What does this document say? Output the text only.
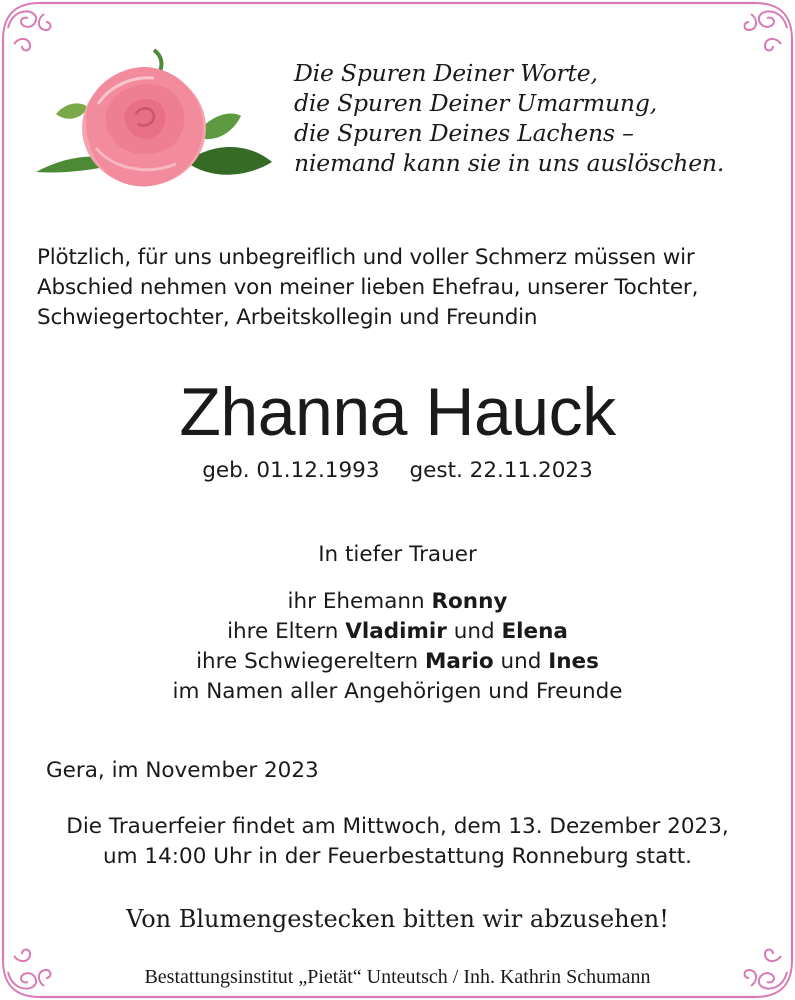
Die Spuren Deiner Worte,
die Spuren Deiner Umarmung,
die Spuren Deines Lachens –
niemand kann sie in uns auslöschen.
Plötzlich, für uns unbegreiflich und voller Schmerz müssen wir
Abschied nehmen von meiner lieben Ehefrau, unserer Tochter,
Schwiegertochter, Arbeitskollegin und Freundin
Zhanna Hauck
geb. 01.12.1993 gest. 22.11.2023
In tiefer Trauer
ihr Ehemann Ronny
ihre Eltern Vladimir und Elena
ihre Schwiegereltern Mario und Ines
im Namen aller Angehörigen und Freunde
Gera, im November 2023
Die Trauerfeier findet am Mittwoch, dem 13. Dezember 2023,
um 14:00 Uhr in der Feuerbestattung Ronneburg statt.
Von Blumengestecken bitten wir abzusehen!
Bestattungsinstitut „Pietät“ Unteutsch / Inh. Kathrin Schumann
